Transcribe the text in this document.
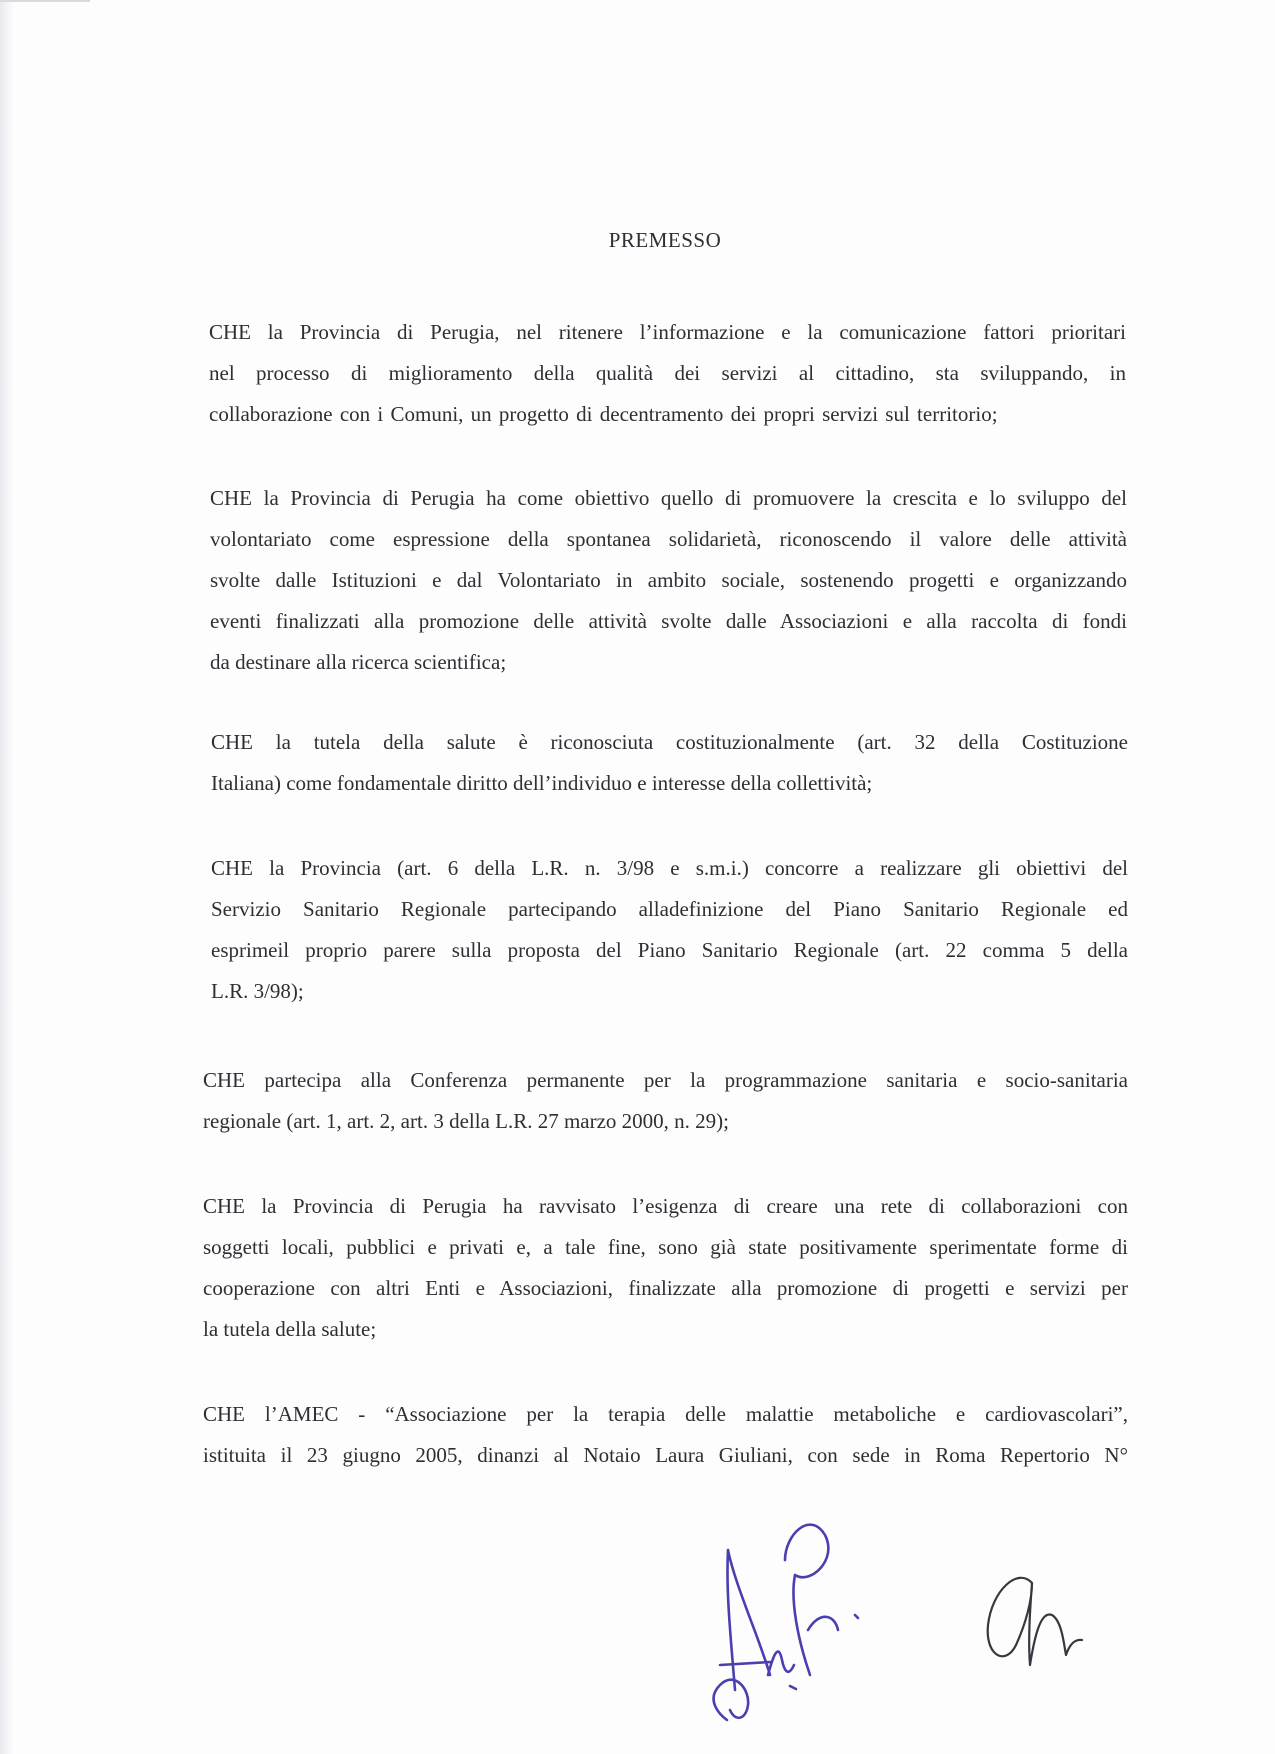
PREMESSO
CHE la Provincia di Perugia, nel ritenere l’informazione e la comunicazione fattori prioritari
nel processo di miglioramento della qualità dei servizi al cittadino, sta sviluppando, in
collaborazione con i Comuni, un progetto di decentramento dei propri servizi sul territorio;
CHE la Provincia di Perugia ha come obiettivo quello di promuovere la crescita e lo sviluppo del
volontariato come espressione della spontanea solidarietà, riconoscendo il valore delle attività
svolte dalle Istituzioni e dal Volontariato in ambito sociale, sostenendo progetti e organizzando
eventi finalizzati alla promozione delle attività svolte dalle Associazioni e alla raccolta di fondi
da destinare alla ricerca scientifica;
CHE la tutela della salute è riconosciuta costituzionalmente (art. 32 della Costituzione
Italiana) come fondamentale diritto dell’individuo e interesse della collettività;
CHE la Provincia (art. 6 della L.R. n. 3/98 e s.m.i.) concorre a realizzare gli obiettivi del
Servizio Sanitario Regionale partecipando alladefinizione del Piano Sanitario Regionale ed
esprimeil proprio parere sulla proposta del Piano Sanitario Regionale (art. 22 comma 5 della
L.R. 3/98);
CHE partecipa alla Conferenza permanente per la programmazione sanitaria e socio-sanitaria
regionale (art. 1, art. 2, art. 3 della L.R. 27 marzo 2000, n. 29);
CHE la Provincia di Perugia ha ravvisato l’esigenza di creare una rete di collaborazioni con
soggetti locali, pubblici e privati e, a tale fine, sono già state positivamente sperimentate forme di
cooperazione con altri Enti e Associazioni, finalizzate alla promozione di progetti e servizi per
la tutela della salute;
CHE l’AMEC - “Associazione per la terapia delle malattie metaboliche e cardiovascolari”,
istituita il 23 giugno 2005, dinanzi al Notaio Laura Giuliani, con sede in Roma Repertorio N°
